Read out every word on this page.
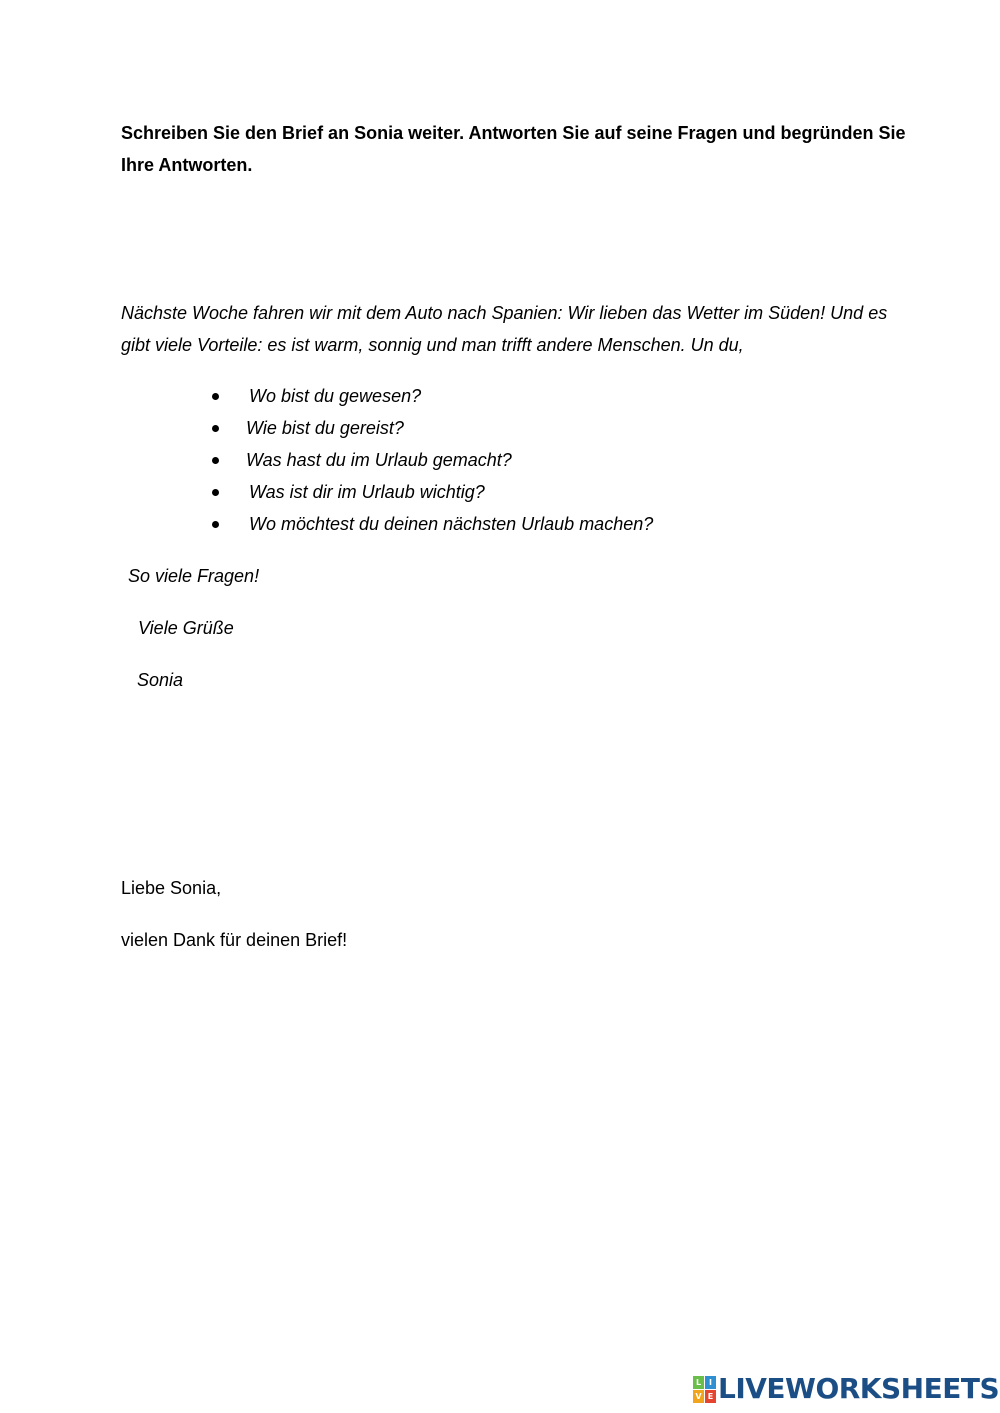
Schreiben Sie den Brief an Sonia weiter. Antworten Sie auf seine Fragen und begründen Sie Ihre Antworten.
Nächste Woche fahren wir mit dem Auto nach Spanien: Wir lieben das Wetter im Süden! Und es gibt viele Vorteile: es ist warm, sonnig und man trifft andere Menschen. Un du,
Wo bist du gewesen?
Wie bist du gereist?
Was hast du im Urlaub gemacht?
Was ist dir im Urlaub wichtig?
Wo möchtest du deinen nächsten Urlaub machen?
So viele Fragen!
Viele Grüße
Sonia
Liebe Sonia,
vielen Dank für deinen Brief!
L I
V E LIVEWORKSHEETS
